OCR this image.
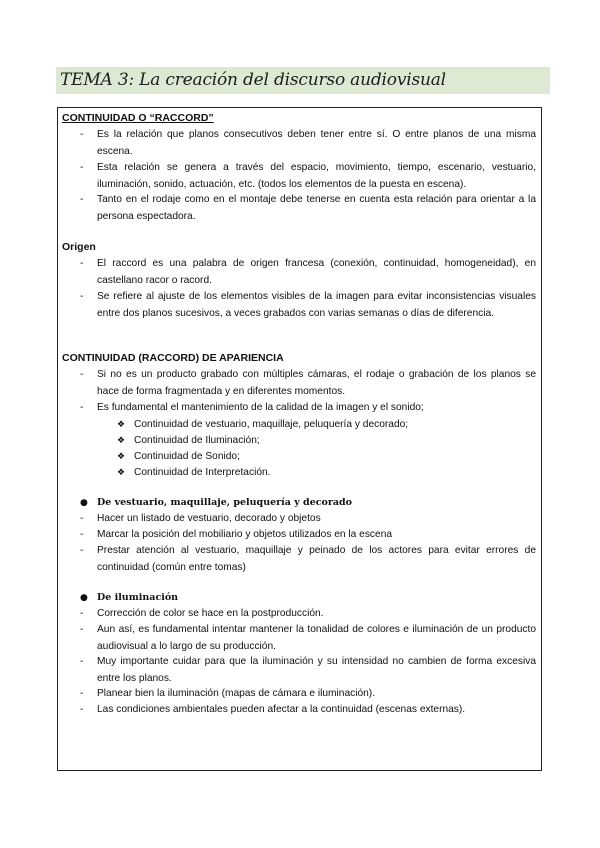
TEMA 3: La creación del discurso audiovisual
CONTINUIDAD O “RACCORD”
-	Es la relación que planos consecutivos deben tener entre sí. O entre planos de una misma escena.
-	Esta relación se genera a través del espacio, movimiento, tiempo, escenario, vestuario, iluminación, sonido, actuación, etc. (todos los elementos de la puesta en escena).
-	Tanto en el rodaje como en el montaje debe tenerse en cuenta esta relación para orientar a la persona espectadora.
Origen
-	El raccord es una palabra de origen francesa (conexión, continuidad, homogeneidad), en castellano racor o racord.
-	Se refiere al ajuste de los elementos visibles de la imagen para evitar inconsistencias visuales entre dos planos sucesivos, a veces grabados con varias semanas o días de diferencia.
CONTINUIDAD (RACCORD) DE APARIENCIA
-	Si no es un producto grabado con múltiples cámaras, el rodaje o grabación de los planos se hace de forma fragmentada y en diferentes momentos.
-	Es fundamental el mantenimiento de la calidad de la imagen y el sonido;
❖ Continuidad de vestuario, maquillaje, peluquería y decorado;
❖ Continuidad de Iluminación;
❖ Continuidad de Sonido;
❖ Continuidad de Interpretación.
● De vestuario, maquillaje, peluquería y decorado
-	Hacer un listado de vestuario, decorado y objetos
-	Marcar la posición del mobiliario y objetos utilizados en la escena
-	Prestar atención al vestuario, maquillaje y peinado de los actores para evitar errores de continuidad (común entre tomas)
● De iluminación
-	Corrección de color se hace en la postproducción.
-	Aun así, es fundamental intentar mantener la tonalidad de colores e iluminación de un producto audiovisual a lo largo de su producción.
-	Muy importante cuidar para que la iluminación y su intensidad no cambien de forma excesiva entre los planos.
-	Planear bien la iluminación (mapas de cámara e iluminación).
-	Las condiciones ambientales pueden afectar a la continuidad (escenas externas).
